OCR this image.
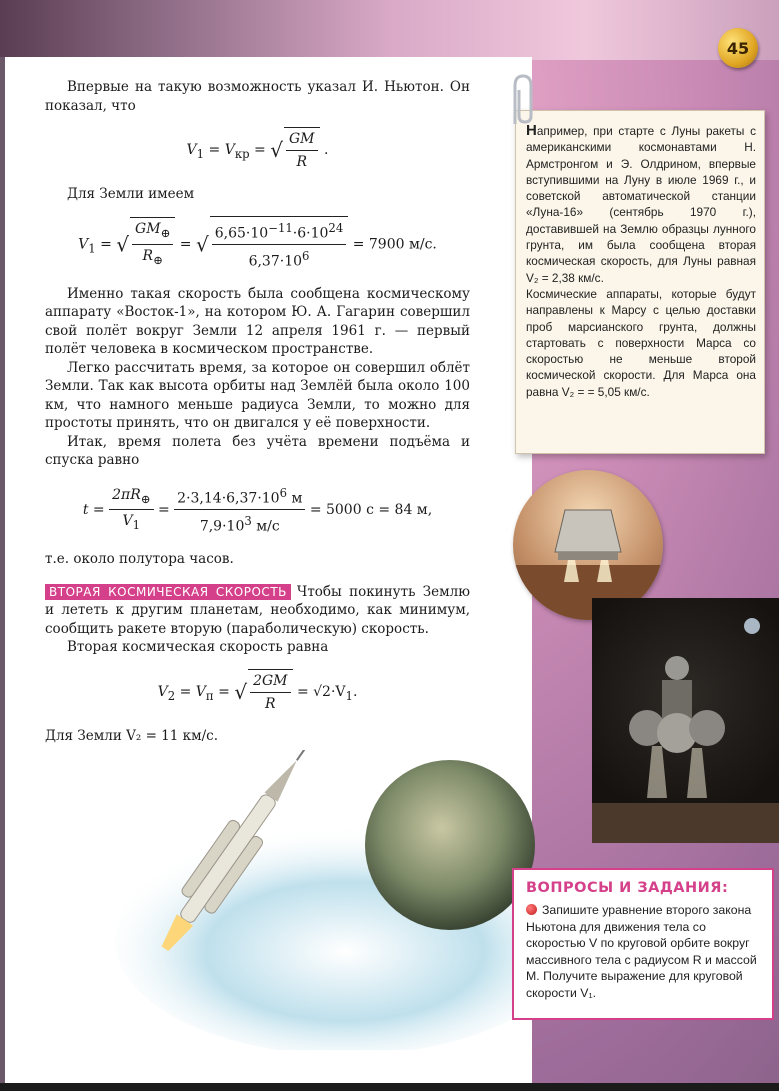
45

Впервые на такую возможность указал И. Ньютон. Он показал, что

$V_1 = V_{кр}$ = √ $\frac{GM}{R}$ .

Для Земли имеем

$V_1$ = √ $\frac{GM_\oplus}{R_\oplus}$ = √ $\frac{6,65\cdot 10^{-11}\cdot 6\cdot 10^{24}}{6,37\cdot 10^6} = 7900$ м/с.

Именно такая скорость была сообщена космическому аппарату «Восток-1», на котором Ю. А. Гагарин совершил свой полёт вокруг Земли 12 апреля 1961 г. — первый полёт человека в космическом пространстве.

Легко рассчитать время, за которое он совершил облёт Земли. Так как высота орбиты над Землёй была около 100 км, что намного меньше радиуса Земли, то можно для простоты принять, что он двигался у её поверхности.

Итак, время полета без учёта времени подъёма и спуска равно

$t = \frac{2\pi R_\oplus}{V_1} = \frac{2\cdot 3,14\cdot 6,37\cdot 10^6 м}{7,9\cdot 10^3 м/с} = 5000$ с = 84 м,

т.е. около полутора часов.

ВТОРАЯ КОСМИЧЕСКАЯ СКОРОСТЬ Чтобы покинуть Землю и лететь к другим планетам, необходимо, как минимум, сообщить ракете вторую (параболическую) скорость.

Вторая космическая скорость равна

$V_2 = V_п$ = √ $\frac{2GM}{R} = √2\cdot V_1$.

Для Земли V₂ = 11 км/с.

Например, при старте с Луны ракеты с американскими космонавтами Н. Армстронгом и Э. Олдрином, впервые вступившими на Луну в июле 1969 г., и советской автоматической станции «Луна-16» (сентябрь 1970 г.), доставившей на Землю образцы лунного грунта, им была сообщена вторая космическая скорость, для Луны равная V₂ = 2,38 км/с.

Космические аппараты, которые будут направлены к Марсу с целью доставки проб марсианского грунта, должны стартовать с поверхности Марса со скоростью не меньше второй космической скорости. Для Марса она равна V₂ = = 5,05 км/с.

ВОПРОСЫ И ЗАДАНИЯ:
Запишите уравнение второго закона Ньютона для движения тела со скоростью V по круговой орбите вокруг массивного тела с радиусом R и массой M. Получите выражение для круговой скорости V₁.
